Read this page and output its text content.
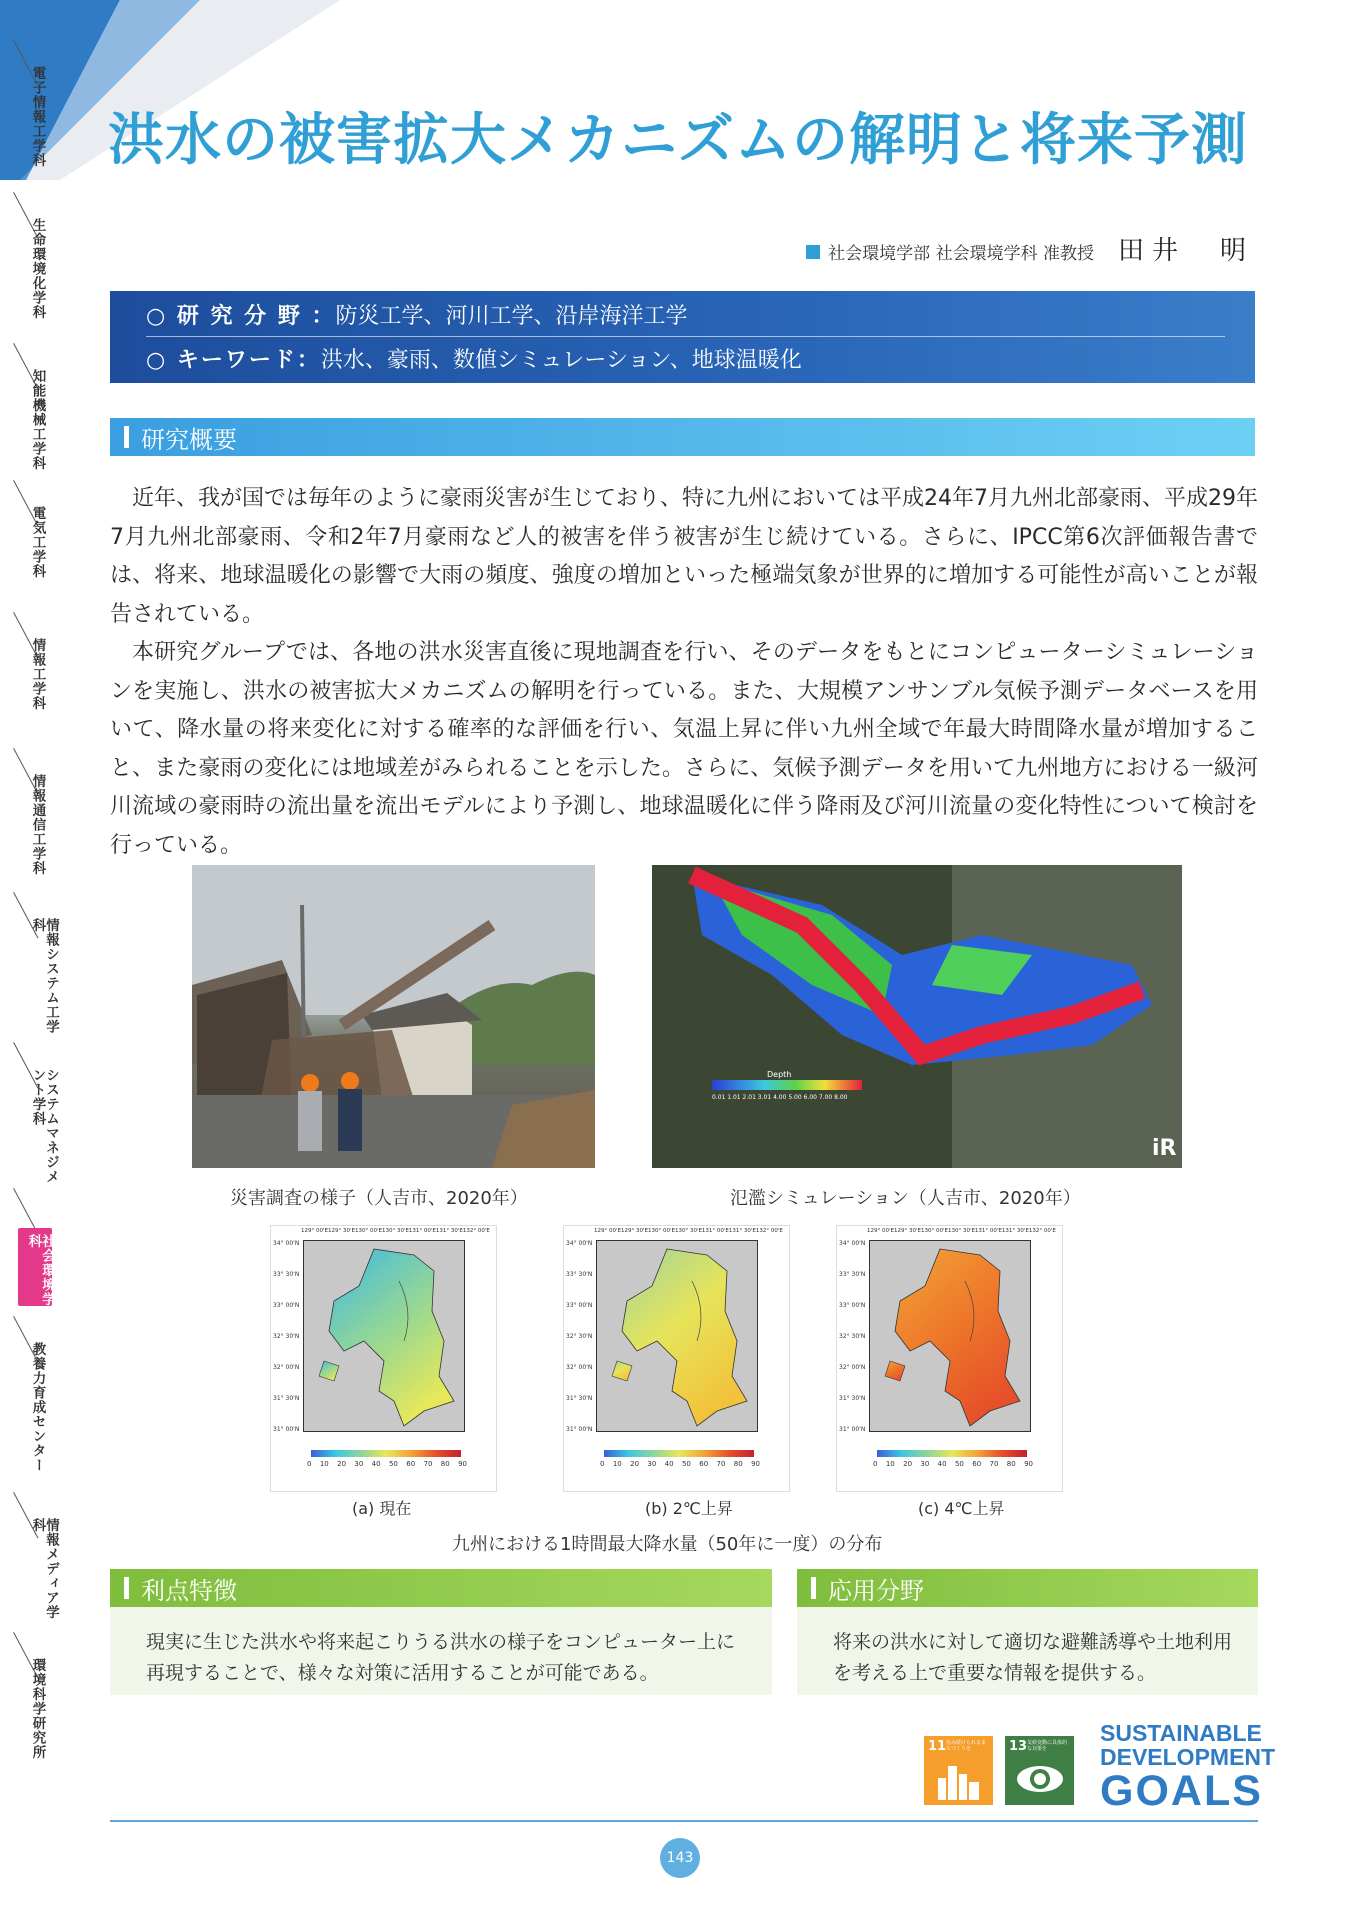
電子情報工学科
生命環境化学科
知能機械工学科
電気工学科
情報工学科
情報通信工学科
情報システム工学科
システムマネジメント学科
社会環境学科
教養力育成センター
情報メディア学科
環境科学研究所
洪水の被害拡大メカニズムの解明と将来予測
社会環境学部 社会環境学科 准教授 田井　明
○ 研 究 分 野 ：防災工学、河川工学、沿岸海洋工学
○ キーワード：洪水、豪雨、数値シミュレーション、地球温暖化
研究概要

近年、我が国では毎年のように豪雨災害が生じており、特に九州においては平成24年7月九州北部豪雨、平成29年7月九州北部豪雨、令和2年7月豪雨など人的被害を伴う被害が生じ続けている。さらに、IPCC第6次評価報告書では、将来、地球温暖化の影響で大雨の頻度、強度の増加といった極端気象が世界的に増加する可能性が高いことが報告されている。

本研究グループでは、各地の洪水災害直後に現地調査を行い、そのデータをもとにコンピューターシミュレーションを実施し、洪水の被害拡大メカニズムの解明を行っている。また、大規模アンサンブル気候予測データベースを用いて、降水量の将来変化に対する確率的な評価を行い、気温上昇に伴い九州全域で年最大時間降水量が増加すること、また豪雨の変化には地域差がみられることを示した。さらに、気候予測データを用いて九州地方における一級河川流域の豪雨時の流出量を流出モデルにより予測し、地球温暖化に伴う降雨及び河川流量の変化特性について検討を行っている。

Depth
0.01 1.01 2.01 3.01 4.00 5.00 6.00 7.00 8.00
iR
災害調査の様子（人吉市、2020年）	氾濫シミュレーション（人吉市、2020年）
129° 00'E129° 30'E130° 00'E130° 30'E131° 00'E131° 30'E132° 00'E
34° 00'N
33° 30'N
33° 00'N
32° 30'N
32° 00'N
31° 30'N
31° 00'N
0 10 20 30 40 50 60 70 80 90
(a) 現在
129° 00'E129° 30'E130° 00'E130° 30'E131° 00'E131° 30'E132° 00'E
34° 00'N
33° 30'N
33° 00'N
32° 30'N
32° 00'N
31° 30'N
31° 00'N
0 10 20 30 40 50 60 70 80 90
(b) 2℃上昇
129° 00'E129° 30'E130° 00'E130° 30'E131° 00'E131° 30'E132° 00'E
34° 00'N
33° 30'N
33° 00'N
32° 30'N
32° 00'N
31° 30'N
31° 00'N
0 10 20 30 40 50 60 70 80 90
(c) 4℃上昇
九州における1時間最大降水量（50年に一度）の分布
利点特徴
現実に生じた洪水や将来起こりうる洪水の様子をコンピューター上に再現することで、様々な対策に活用することが可能である。
応用分野
将来の洪水に対して適切な避難誘導や土地利用を考える上で重要な情報を提供する。
11 住み続けられるまちづくりを	13 気候変動に具体的な対策を
SUSTAINABLE
DEVELOPMENT
GOALS
143
